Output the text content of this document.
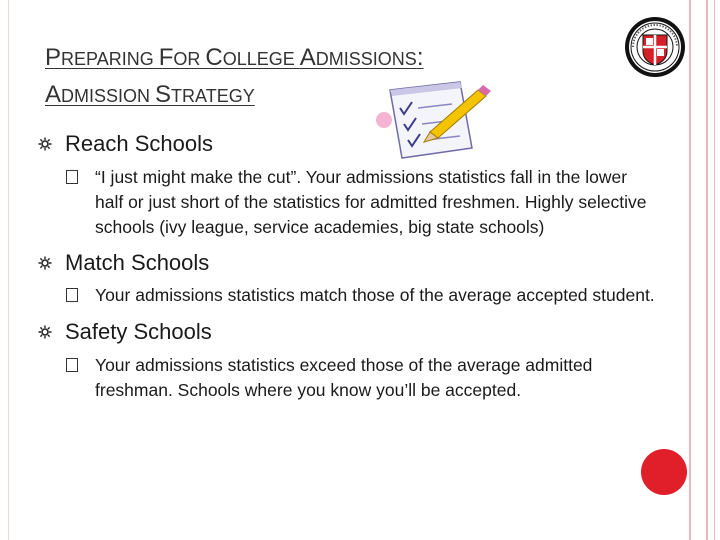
PREPARING FOR COLLEGE ADMISSIONS:
ADMISSION STRATEGY
Reach Schools
“I just might make the cut”. Your admissions statistics fall in the lower half or just short of the statistics for admitted freshmen. Highly selective schools (ivy league, service academies, big state schools)
Match Schools
Your admissions statistics match those of the average accepted student.
Safety Schools
Your admissions statistics exceed those of the average admitted freshman. Schools where you know you’ll be accepted.
